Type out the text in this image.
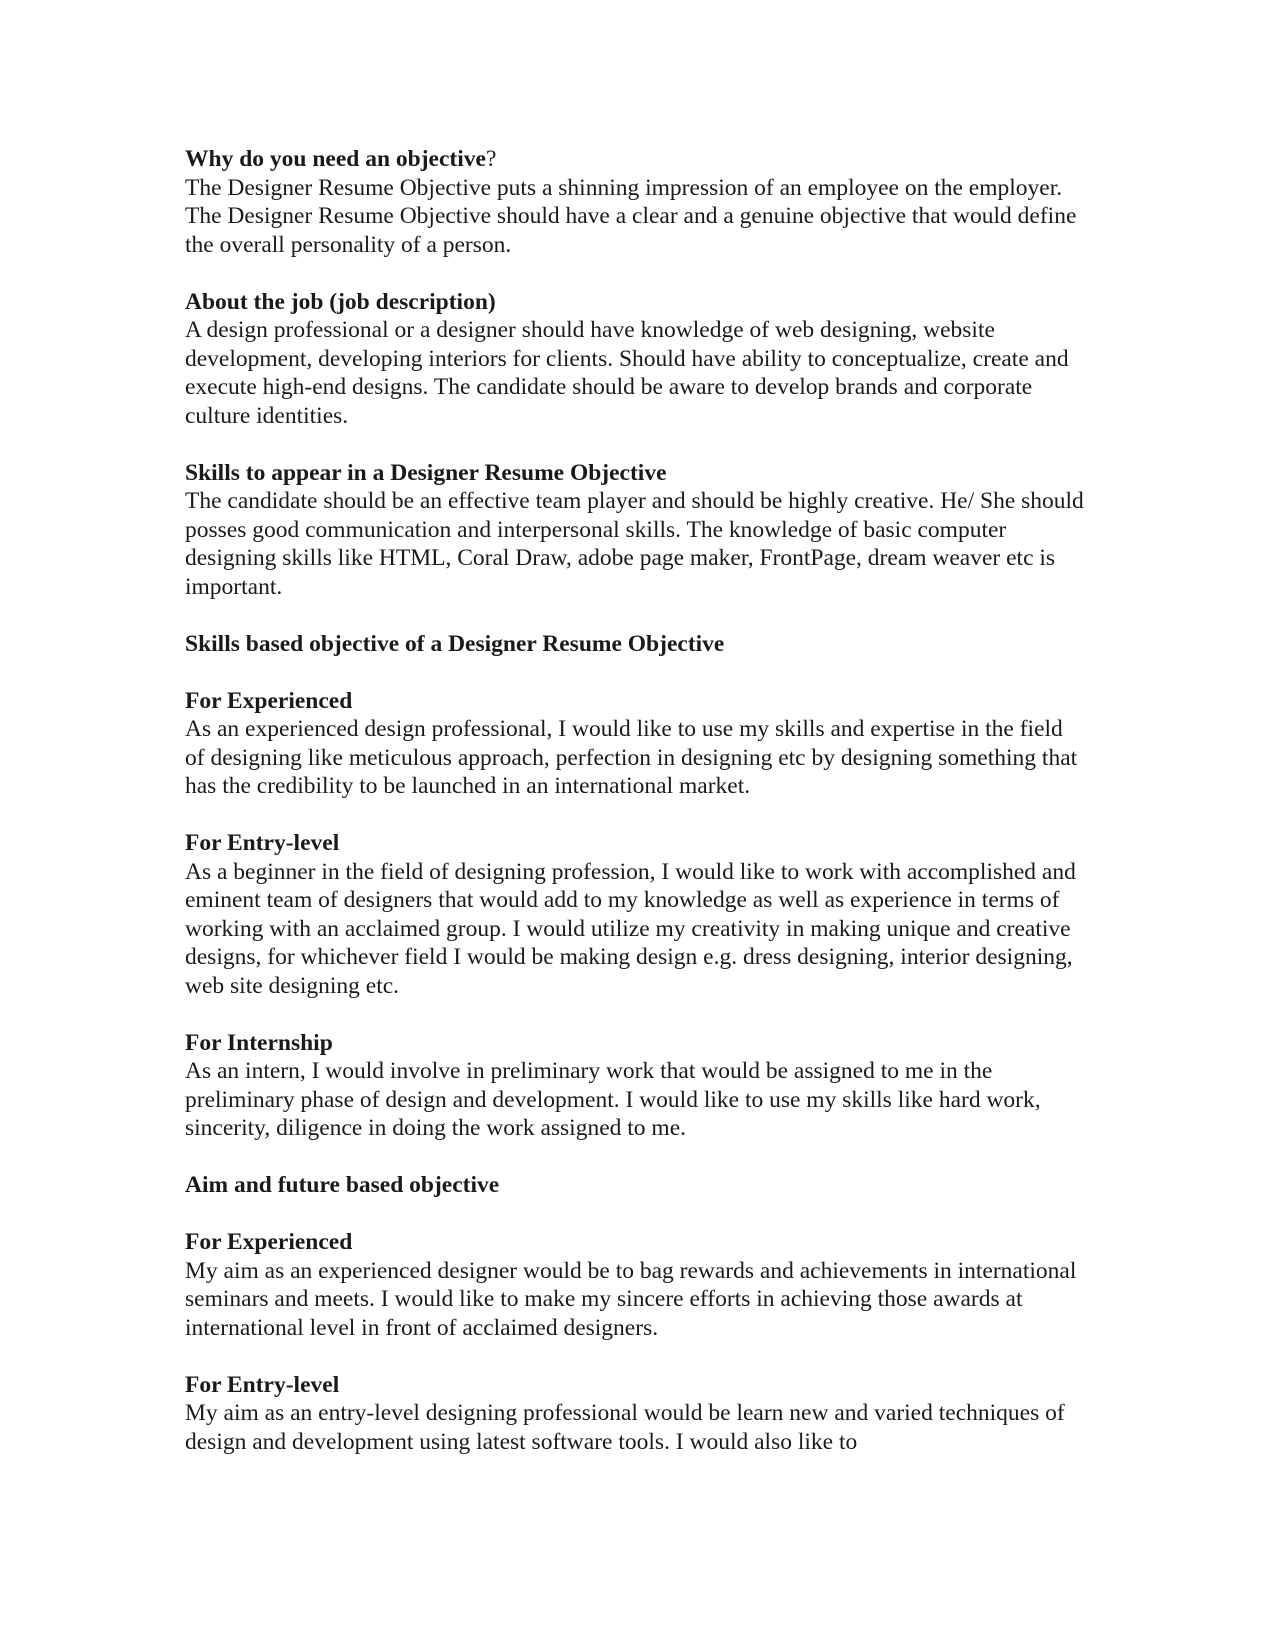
Why do you need an objective?

The Designer Resume Objective puts a shinning impression of an employee on the employer. The Designer Resume Objective should have a clear and a genuine objective that would define the overall personality of a person.

About the job (job description)

A design professional or a designer should have knowledge of web designing, website development, developing interiors for clients. Should have ability to conceptualize, create and execute high-end designs. The candidate should be aware to develop brands and corporate culture identities.

Skills to appear in a Designer Resume Objective

The candidate should be an effective team player and should be highly creative. He/ She should posses good communication and interpersonal skills. The knowledge of basic computer designing skills like HTML, Coral Draw, adobe page maker, FrontPage, dream weaver etc is important.

Skills based objective of a Designer Resume Objective

For Experienced

As an experienced design professional, I would like to use my skills and expertise in the field of designing like meticulous approach, perfection in designing etc by designing something that has the credibility to be launched in an international market.

For Entry-level

As a beginner in the field of designing profession, I would like to work with accomplished and eminent team of designers that would add to my knowledge as well as experience in terms of working with an acclaimed group. I would utilize my creativity in making unique and creative designs, for whichever field I would be making design e.g. dress designing, interior designing, web site designing etc.

For Internship

As an intern, I would involve in preliminary work that would be assigned to me in the preliminary phase of design and development. I would like to use my skills like hard work, sincerity, diligence in doing the work assigned to me.

Aim and future based objective

For Experienced

My aim as an experienced designer would be to bag rewards and achievements in international seminars and meets. I would like to make my sincere efforts in achieving those awards at international level in front of acclaimed designers.

For Entry-level

My aim as an entry-level designing professional would be learn new and varied techniques of design and development using latest software tools. I would also like to
